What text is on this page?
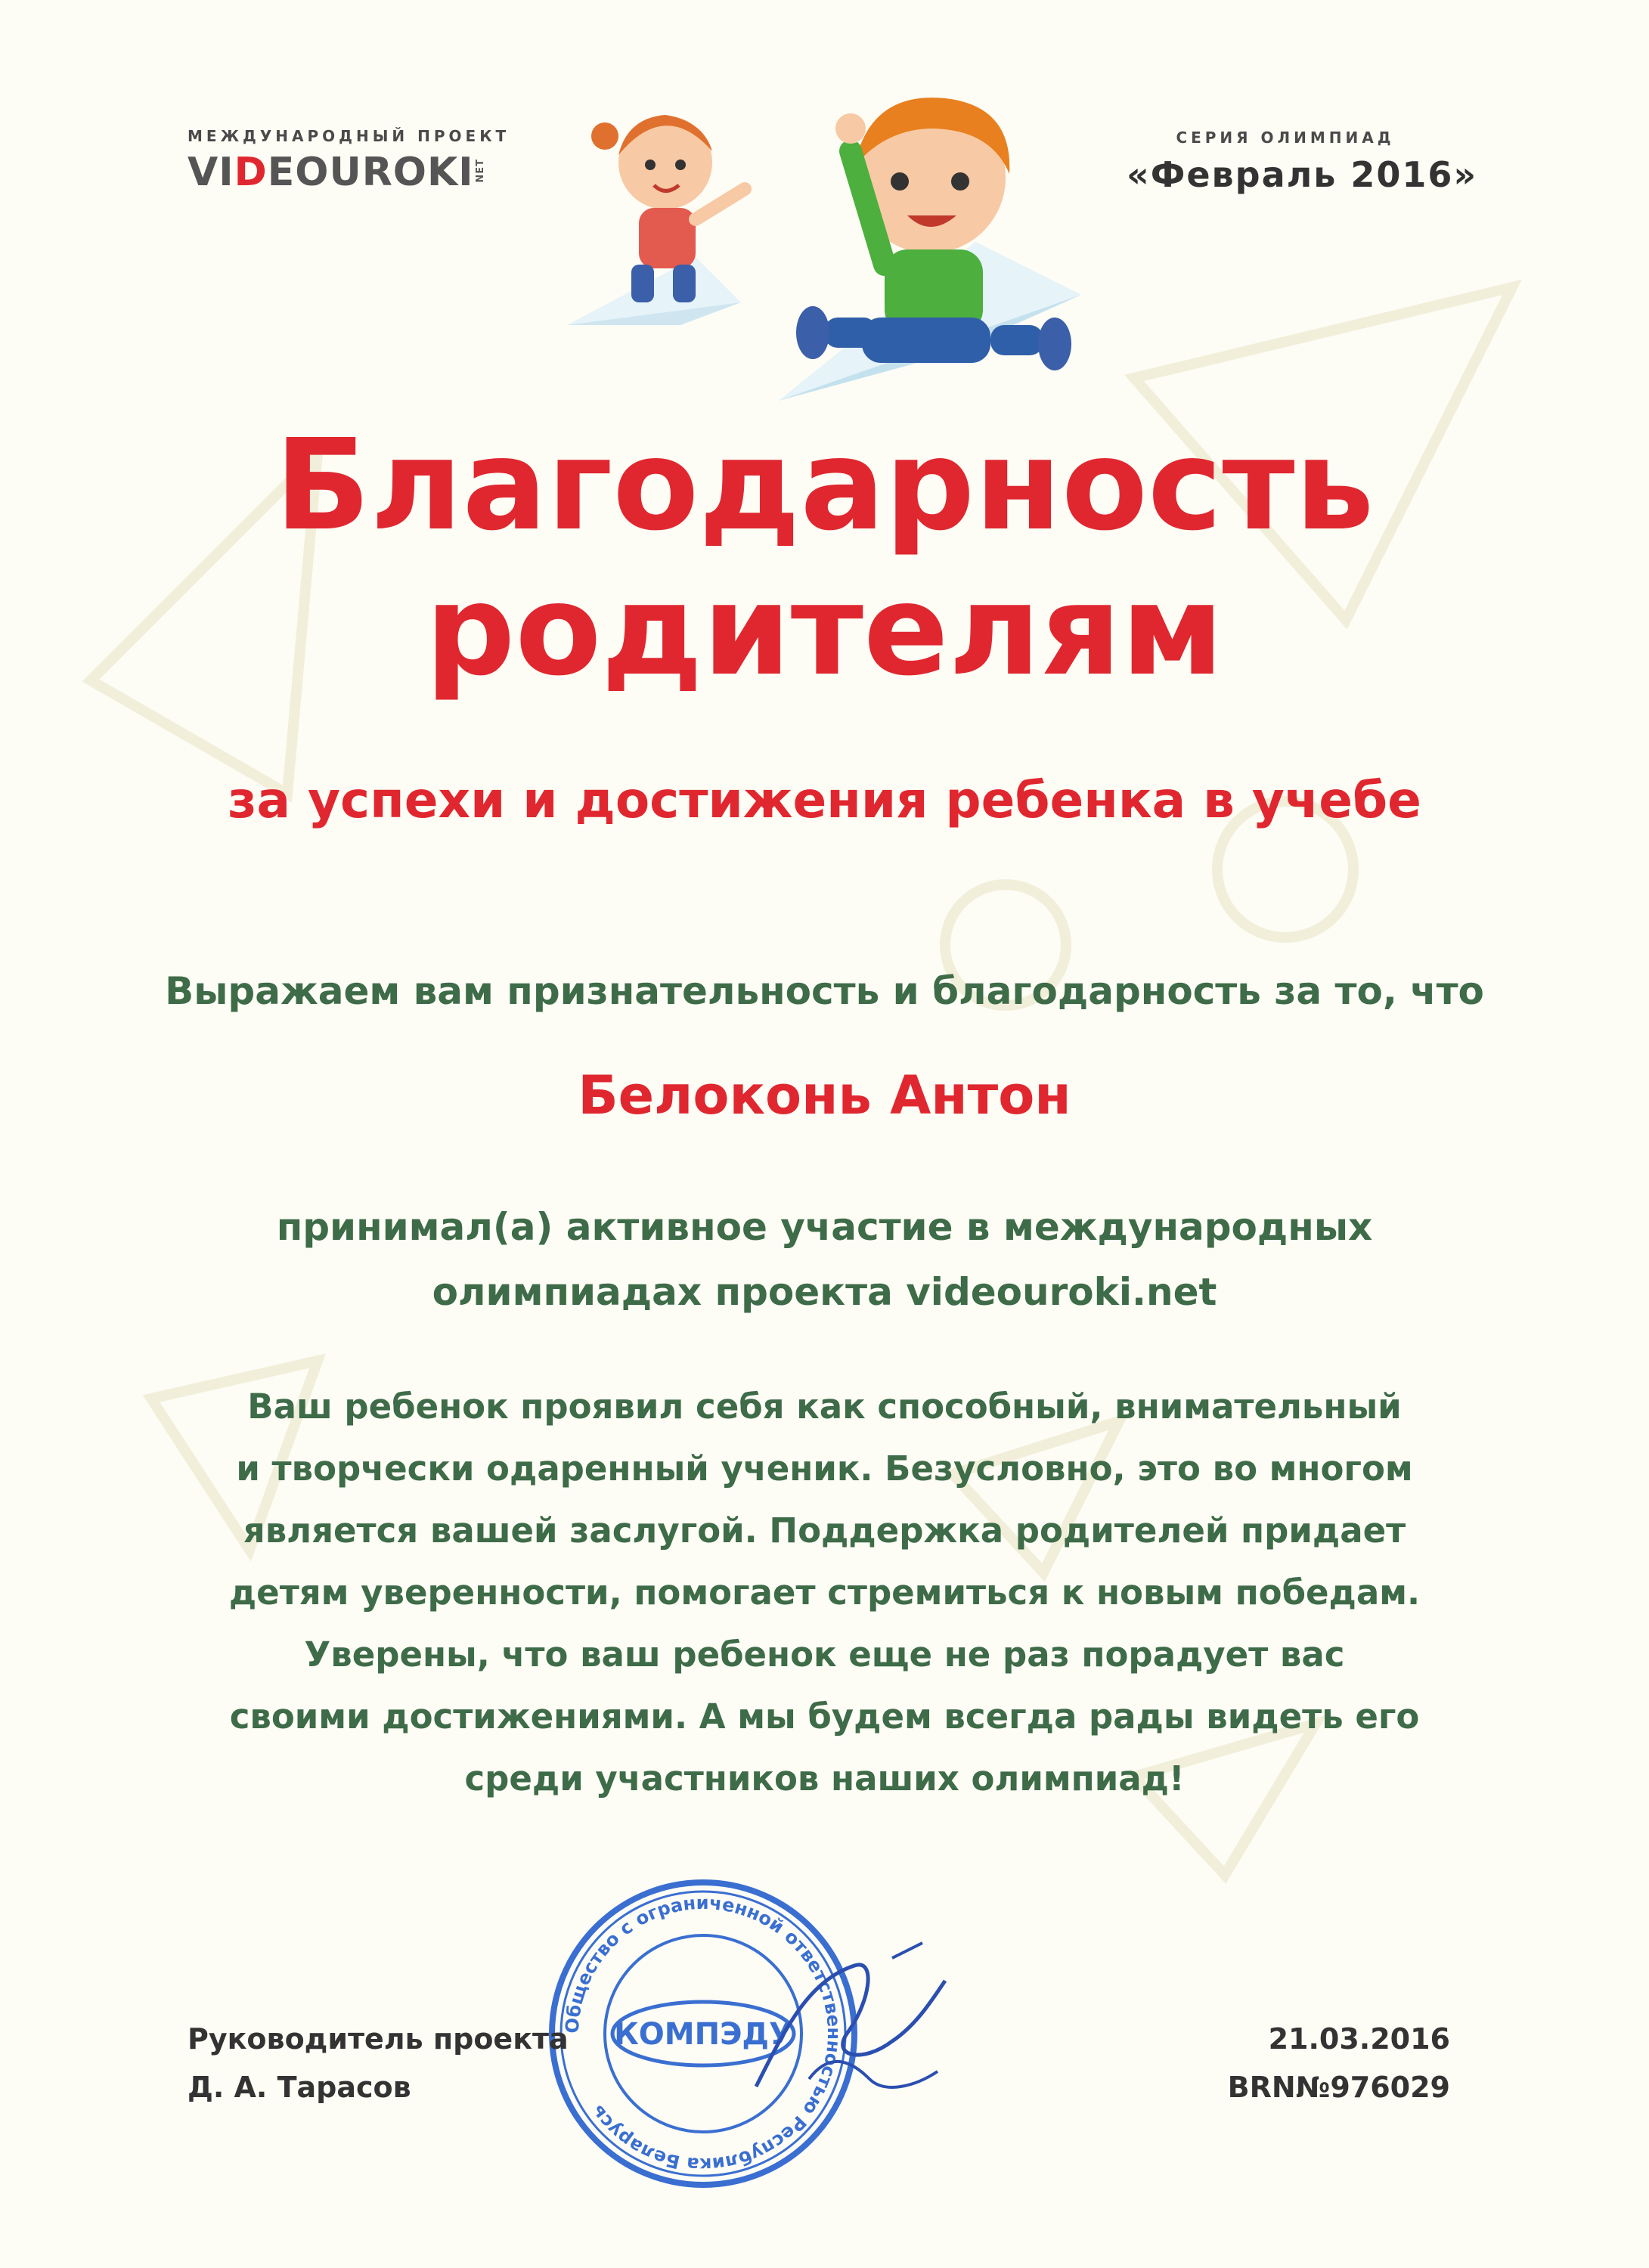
МЕЖДУНАРОДНЫЙ ПРОЕКТ
VIDEOUROKI NET
СЕРИЯ ОЛИМПИАД
«Февраль 2016»
Благодарность
родителям
за успехи и достижения ребенка в учебе
Выражаем вам признательность и благодарность за то, что
Белоконь Антон
принимал(а) активное участие в международных
олимпиадах проекта videouroki.net
Ваш ребенок проявил себя как способный, внимательный
и творчески одаренный ученик. Безусловно, это во многом
является вашей заслугой. Поддержка родителей придает
детям уверенности, помогает стремиться к новым победам.
Уверены, что ваш ребенок еще не раз порадует вас
своими достижениями. А мы будем всегда рады видеть его
среди участников наших олимпиад!
Общество с ограниченной ответственностью Республика Беларусь
КОМПЭДУ
Руководитель проекта
Д. А. Тарасов
21.03.2016
BRN№976029
